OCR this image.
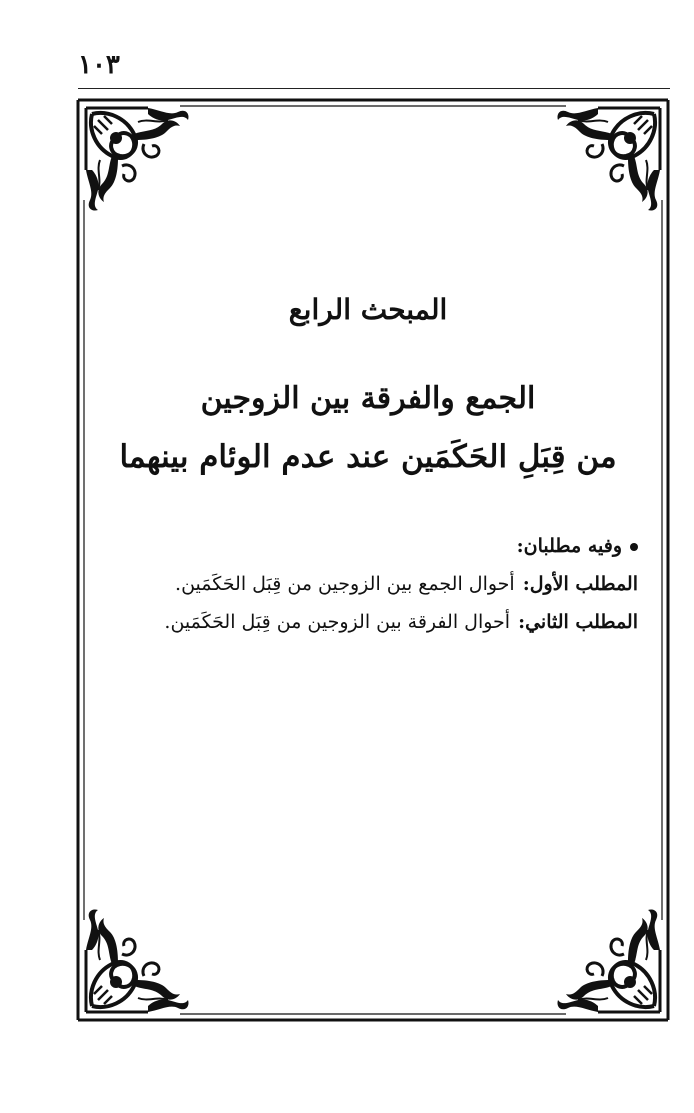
١٠٣
المبحث الرابع
الجمع والفرقة بين الزوجين
من قِبَلِ الحَكَمَين عند عدم الوئام بينهما
وفيه مطلبان:
المطلب الأول:أحوال الجمع بين الزوجين من قِبَل الحَكَمَين.
المطلب الثاني:أحوال الفرقة بين الزوجين من قِبَل الحَكَمَين.
